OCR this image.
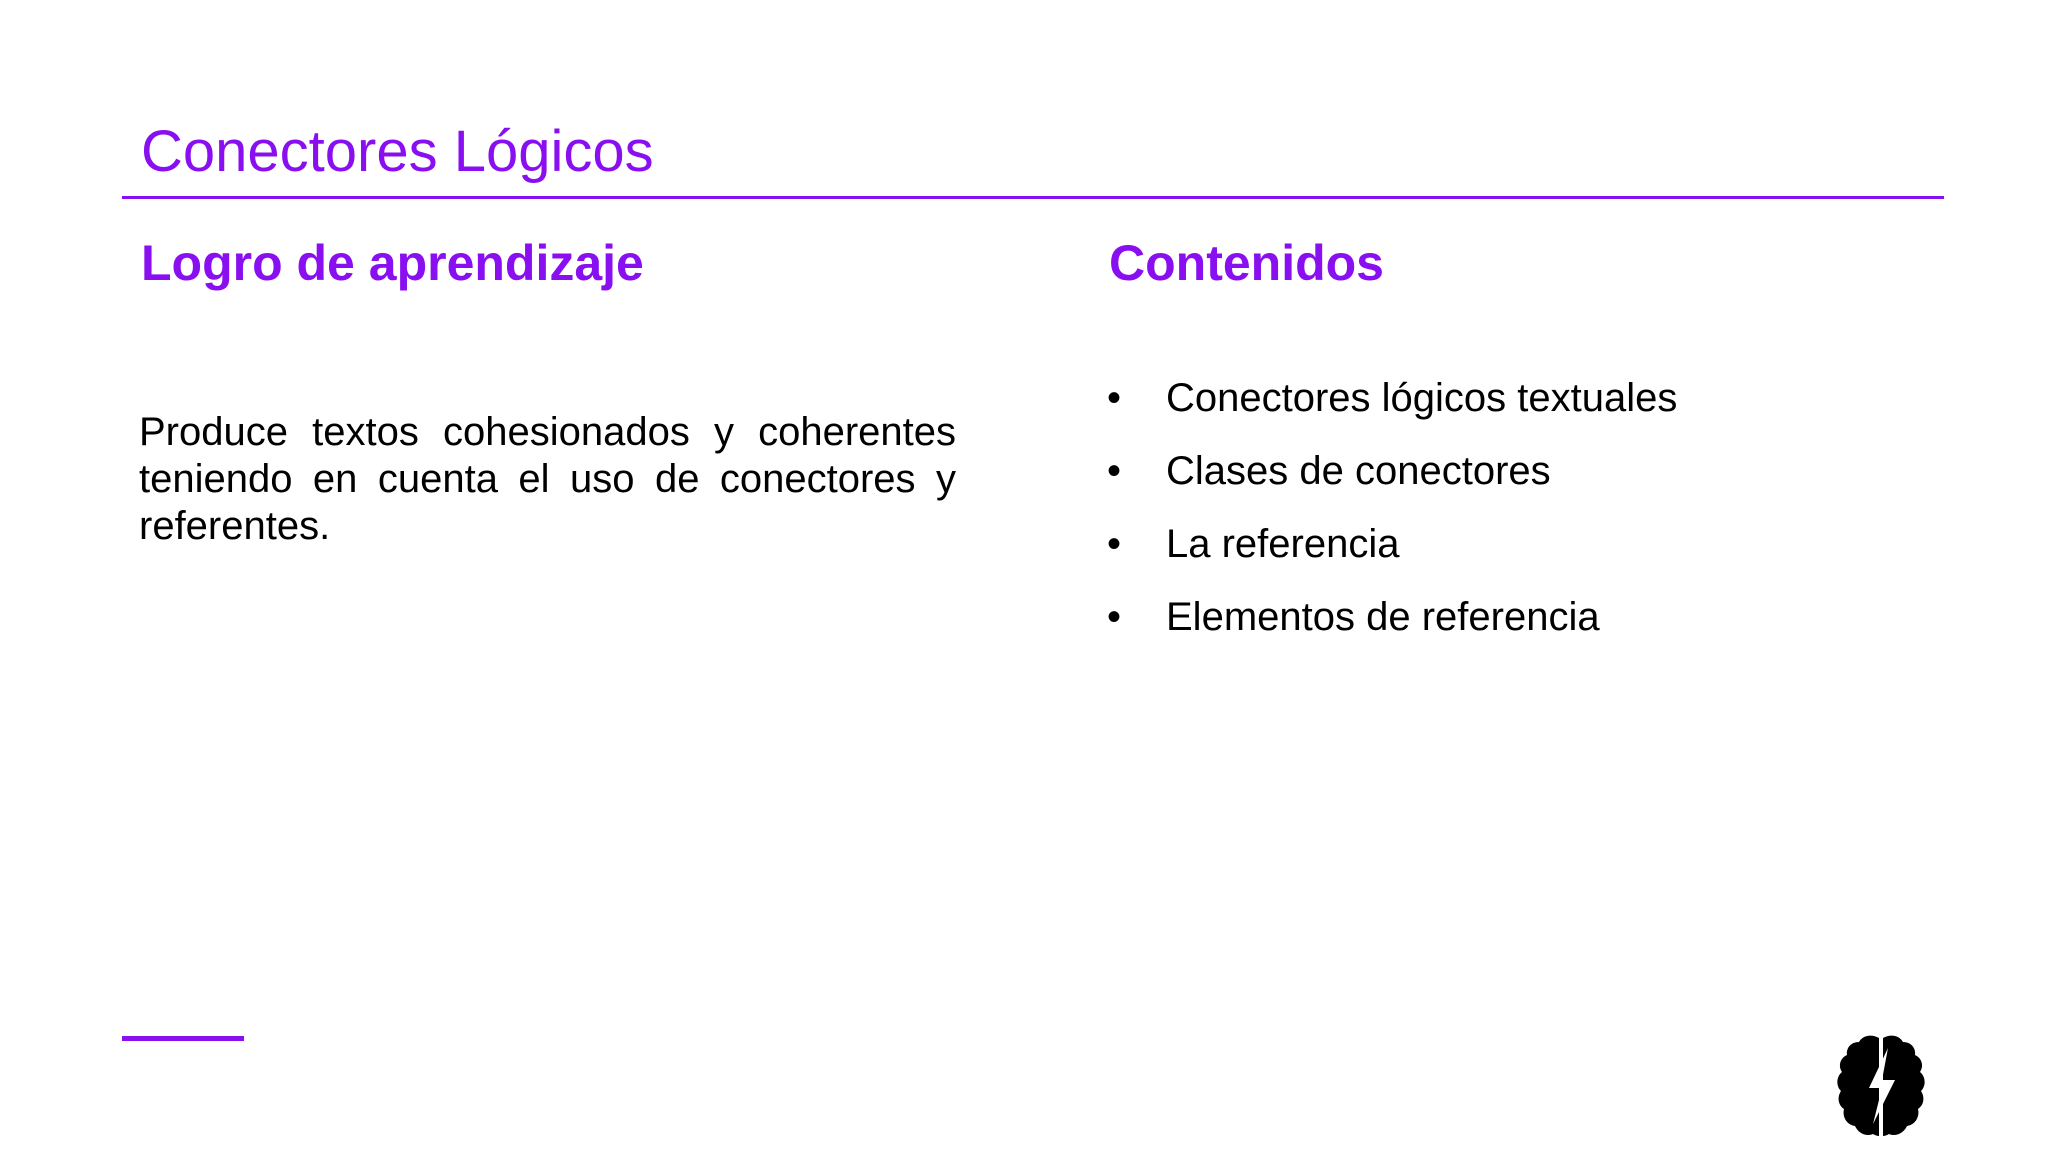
Conectores Lógicos
Logro de aprendizaje	Contenidos

Produce textos cohesionados y coherentes teniendo en cuenta el uso de conectores y referentes.

• Conectores lógicos textuales
• Clases de conectores
• La referencia
• Elementos de referencia
